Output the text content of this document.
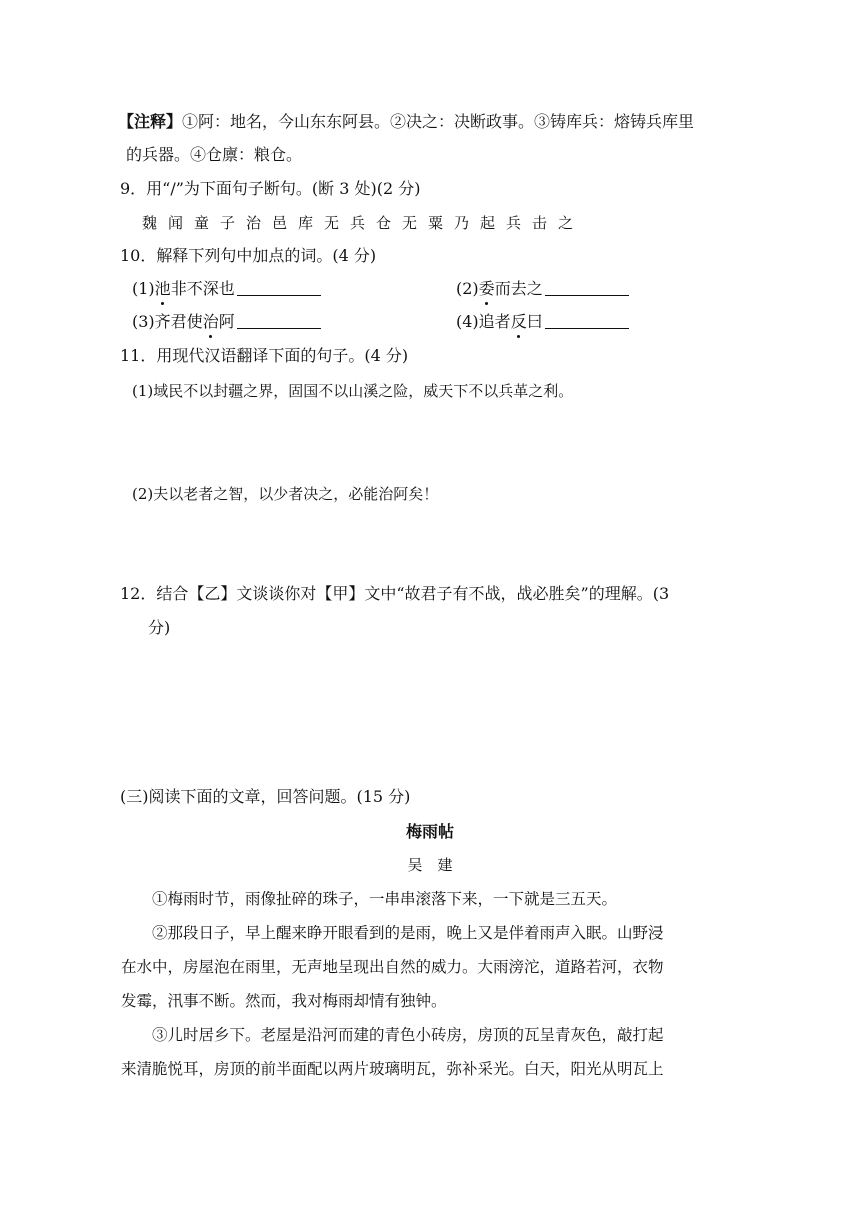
【注释】①阿：地名，今山东东阿县。②决之：决断政事。③铸库兵：熔铸兵库里
的兵器。④仓廪：粮仓。
9．用“/”为下面句子断句。(断 3 处)(2 分)
魏闻童子治邑库无兵仓无粟乃起兵击之
10．解释下列句中加点的词。(4 分)
(1)池非不深也	(2)委而去之
(3)齐君使治阿	(4)追者反曰
11．用现代汉语翻译下面的句子。(4 分)
(1)域民不以封疆之界，固国不以山溪之险，威天下不以兵革之利。
(2)夫以老者之智，以少者决之，必能治阿矣！
12．结合【乙】文谈谈你对【甲】文中“故君子有不战，战必胜矣”的理解。(3
分)
(三)阅读下面的文章，回答问题。(15 分)
梅雨帖
吴　建
①梅雨时节，雨像扯碎的珠子，一串串滚落下来，一下就是三五天。
②那段日子，早上醒来睁开眼看到的是雨，晚上又是伴着雨声入眠。山野浸
在水中，房屋泡在雨里，无声地呈现出自然的威力。大雨滂沱，道路若河，衣物
发霉，汛事不断。然而，我对梅雨却情有独钟。
③儿时居乡下。老屋是沿河而建的青色小砖房，房顶的瓦呈青灰色，敲打起
来清脆悦耳，房顶的前半面配以两片玻璃明瓦，弥补采光。白天，阳光从明瓦上
